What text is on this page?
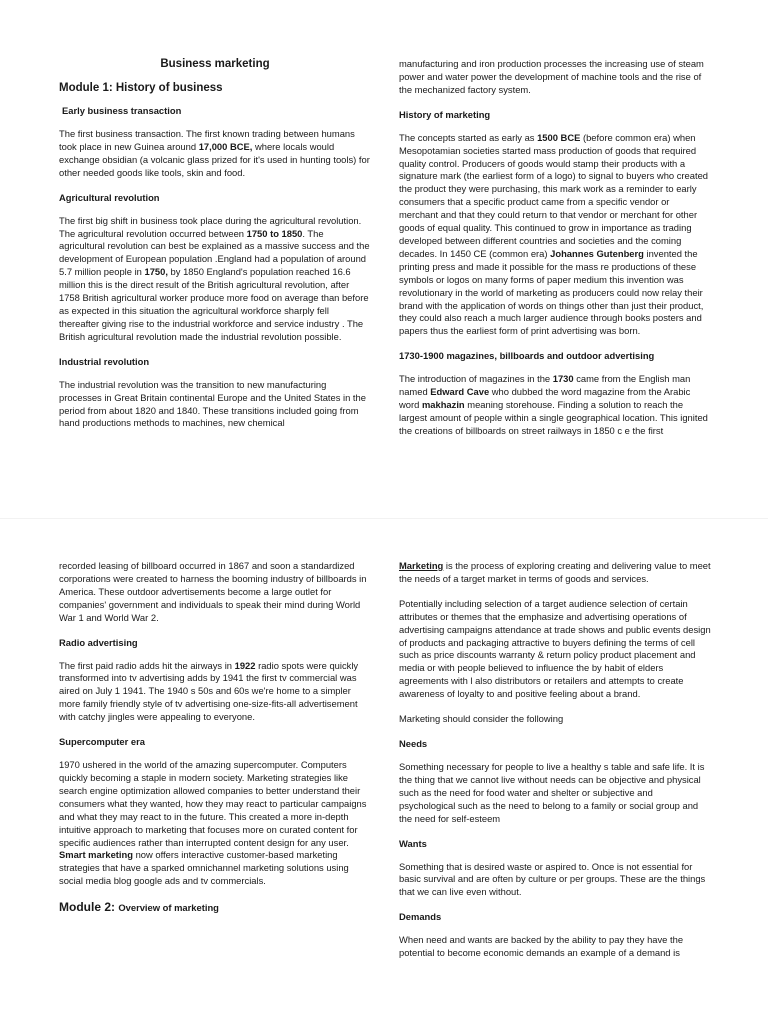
Business marketing
Module 1: History of business
Early business transaction

The first business transaction. The first known trading between humans took place in new Guinea around 17,000 BCE, where locals would exchange obsidian (a volcanic glass prized for it's used in hunting tools) for other needed goods like tools, skin and food.

Agricultural revolution

The first big shift in business took place during the agricultural revolution. The agricultural revolution occurred between 1750 to 1850. The agricultural revolution can best be explained as a massive success and the development of European population .England had a population of around 5.7 million people in 1750, by 1850 England's population reached 16.6 million this is the direct result of the British agricultural revolution, after 1758 British agricultural worker produce more food on average than before as expected in this situation the agricultural workforce sharply fell thereafter giving rise to the industrial workforce and service industry . The British agricultural revolution made the industrial revolution possible.

Industrial revolution

The industrial revolution was the transition to new manufacturing processes in Great Britain continental Europe and the United States in the period from about 1820 and 1840. These transitions included going from hand productions methods to machines, new chemical

manufacturing and iron production processes the increasing use of steam power and water power the development of machine tools and the rise of the mechanized factory system.

History of marketing

The concepts started as early as 1500 BCE (before common era) when Mesopotamian societies started mass production of goods that required quality control. Producers of goods would stamp their products with a signature mark (the earliest form of a logo) to signal to buyers who created the product they were purchasing, this mark work as a reminder to early consumers that a specific product came from a specific vendor or merchant and that they could return to that vendor or merchant for other goods of equal quality. This continued to grow in importance as trading developed between different countries and societies and the coming decades. In 1450 CE (common era) Johannes Gutenberg invented the printing press and made it possible for the mass re productions of these symbols or logos on many forms of paper medium this invention was revolutionary in the world of marketing as producers could now relay their brand with the application of words on things other than just their product, they could also reach a much larger audience through books posters and papers thus the earliest form of print advertising was born.

1730-1900 magazines, billboards and outdoor advertising

The introduction of magazines in the 1730 came from the English man named Edward Cave who dubbed the word magazine from the Arabic word makhazin meaning storehouse. Finding a solution to reach the largest amount of people within a single geographical location. This ignited the creations of billboards on street railways in 1850 c e the first

recorded leasing of billboard occurred in 1867 and soon a standardized corporations were created to harness the booming industry of billboards in America. These outdoor advertisements become a large outlet for companies' government and individuals to speak their mind during World War 1 and World War 2.

Radio advertising

The first paid radio adds hit the airways in 1922 radio spots were quickly transformed into tv advertising adds by 1941 the first tv commercial was aired on July 1 1941. The 1940 s 50s and 60s we're home to a simpler more family friendly style of tv advertising one-size-fits-all advertisement with catchy jingles were appealing to everyone.

Supercomputer era

1970 ushered in the world of the amazing supercomputer. Computers quickly becoming a staple in modern society. Marketing strategies like search engine optimization allowed companies to better understand their consumers what they wanted, how they may react to particular campaigns and what they may react to in the future. This created a more in-depth intuitive approach to marketing that focuses more on curated content for specific audiences rather than interrupted content design for any user. Smart marketing now offers interactive customer-based marketing strategies that have a sparked omnichannel marketing solutions using social media blog google ads and tv commercials.

Module 2: Overview of marketing

Marketing is the process of exploring creating and delivering value to meet the needs of a target market in terms of goods and services.

Potentially including selection of a target audience selection of certain attributes or themes that the emphasize and advertising operations of advertising campaigns attendance at trade shows and public events design of products and packaging attractive to buyers defining the terms of cell such as price discounts warranty & return policy product placement and media or with people believed to influence the by habit of elders agreements with l also distributors or retailers and attempts to create awareness of loyalty to and positive feeling about a brand.

Marketing should consider the following

Needs

Something necessary for people to live a healthy s table and safe life. It is the thing that we cannot live without needs can be objective and physical such as the need for food water and shelter or subjective and psychological such as the need to belong to a family or social group and the need for self-esteem

Wants

Something that is desired waste or aspired to. Once is not essential for basic survival and are often by culture or per groups. These are the things that we can live even without.

Demands

When need and wants are backed by the ability to pay they have the potential to become economic demands an example of a demand is
